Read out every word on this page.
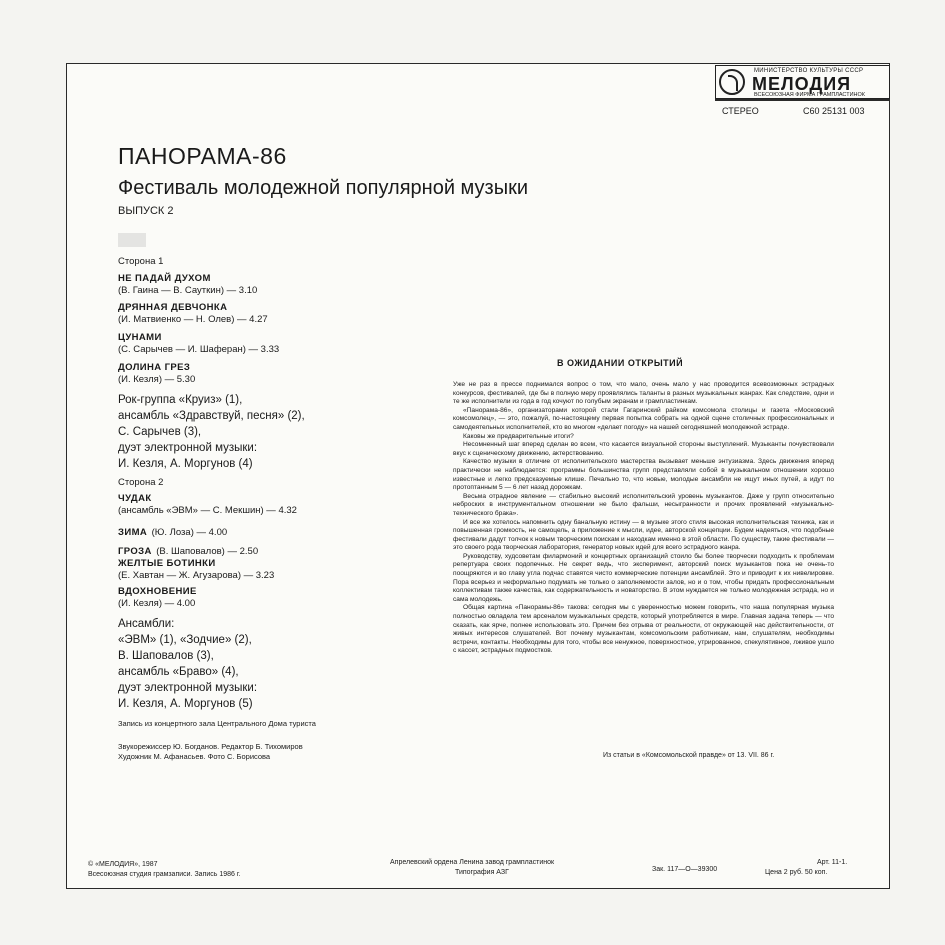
МИНИСТЕРСТВО КУЛЬТУРЫ СССР
МЕЛОДИЯ
ВСЕСОЮЗНАЯ ФИРМА ГРАМПЛАСТИНОК
СТЕРЕО	С60 25131 003
ПАНОРАМА-86
Фестиваль молодежной популярной музыки
ВЫПУСК 2
Сторона 1
НЕ ПАДАЙ ДУХОМ
(В. Гаина — В. Сауткин) — 3.10
ДРЯННАЯ ДЕВЧОНКА
(И. Матвиенко — Н. Олев) — 4.27
ЦУНАМИ
(С. Сарычев — И. Шаферан) — 3.33
ДОЛИНА ГРЕЗ
(И. Кезля) — 5.30
Рок-группа «Круиз» (1),
ансамбль «Здравствуй, песня» (2),
С. Сарычев (3),
дуэт электронной музыки:
И. Кезля, А. Моргунов (4)
Сторона 2
ЧУДАК
(ансамбль «ЭВМ» — С. Мекшин) — 4.32
ЗИМА (Ю. Лоза) — 4.00
ГРОЗА (В. Шаповалов) — 2.50
ЖЕЛТЫЕ БОТИНКИ
(Е. Хавтан — Ж. Агузарова) — 3.23
ВДОХНОВЕНИЕ
(И. Кезля) — 4.00
Ансамбли:
«ЭВМ» (1), «Зодчие» (2),
В. Шаповалов (3),
ансамбль «Браво» (4),
дуэт электронной музыки:
И. Кезля, А. Моргунов (5)
Запись из концертного зала Центрального Дома туриста
Звукорежиссер Ю. Богданов. Редактор Б. Тихомиров
Художник М. Афанасьев. Фото С. Борисова
В ОЖИДАНИИ ОТКРЫТИЙ

Уже не раз в прессе поднимался вопрос о том, что мало, очень мало у нас проводится всевозможных эстрадных конкурсов, фестивалей, где бы в полную меру проявлялись таланты в разных музыкальных жанрах. Как следствие, одни и те же исполнители из года в год кочуют по голубым экранам и грампластинкам.

«Панорама-86», организаторами которой стали Гагаринский райком комсомола столицы и газета «Московский комсомолец», — это, пожалуй, по-настоящему первая попытка собрать на одной сцене столичных профессиональных и самодеятельных исполнителей, кто во многом «делает погоду» на нашей сегодняшней молодежной эстраде.

Каковы же предварительные итоги?

Несомненный шаг вперед сделан во всем, что касается визуальной стороны выступлений. Музыканты почувствовали вкус к сценическому движению, актерствованию.

Качество музыки в отличие от исполнительского мастерства вызывает меньше энтузиазма. Здесь движения вперед практически не наблюдается: программы большинства групп представляли собой в музыкальном отношении хорошо известные и легко предсказуемые клише. Печально то, что новые, молодые ансамбли не ищут иных путей, а идут по протоптанным 5 — 6 лет назад дорожкам.

Весьма отрадное явление — стабильно высокий исполнительский уровень музыкантов. Даже у групп относительно неброских в инструментальном отношении не было фальши, несыгранности и прочих проявлений «музыкально-технического брака».

И все же хотелось напомнить одну банальную истину — в музыке этого стиля высокая исполнительская техника, как и повышенная громкость, не самоцель, а приложение к мысли, идее, авторской концепции. Будем надеяться, что подобные фестивали дадут толчок к новым творческим поискам и находкам именно в этой области. По существу, такие фестивали — это своего рода творческая лаборатория, генератор новых идей для всего эстрадного жанра.

Руководству, худсоветам филармоний и концертных организаций стоило бы более творчески подходить к проблемам репертуара своих подопечных. Не секрет ведь, что эксперимент, авторский поиск музыкантов пока не очень-то поощряются и во главу угла подчас ставятся чисто коммерческие потенции ансамблей. Это и приводит к их нивелировке. Пора всерьез и неформально подумать не только о заполняемости залов, но и о том, чтобы придать профессиональным коллективам также качества, как содержательность и новаторство. В этом нуждается не только молодежная эстрада, но и сама молодежь.

Общая картина «Панорамы-86» такова: сегодня мы с уверенностью можем говорить, что наша популярная музыка полностью овладела тем арсеналом музыкальных средств, который употребляется в мире. Главная задача теперь — что сказать, как ярче, полнее использовать это. Причем без отрыва от реальности, от окружающей нас действительности, от живых интересов слушателей. Вот почему музыкантам, комсомольским работникам, нам, слушателям, необходимы встречи, контакты. Необходимы для того, чтобы все ненужное, поверхностное, утрированное, спекулятивное, лживое ушло с кассет, эстрадных подмостков.

Из статьи в «Комсомольской правде» от 13. VII. 86 г.
© «МЕЛОДИЯ», 1987
Всесоюзная студия грамзаписи. Запись 1986 г.
Апрелевский ордена Ленина завод грампластинок
Типография АЗГ	Зак. 117—О—39300
Арт. 11-1.
Цена 2 руб. 50 коп.
